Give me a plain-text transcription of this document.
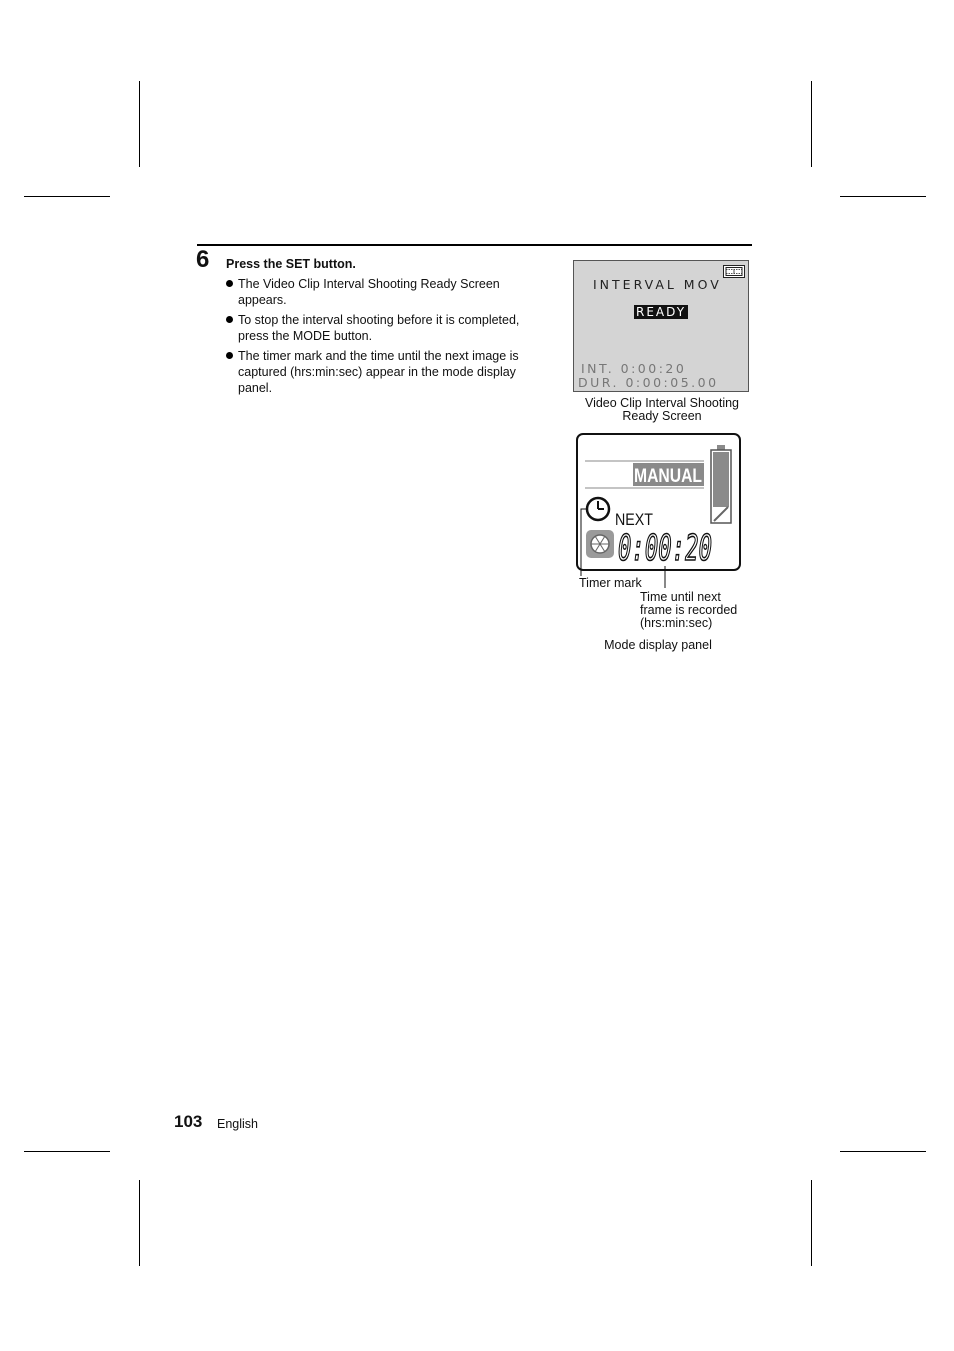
6 Press the SET button.
The Video Clip Interval Shooting Ready Screen appears.
To stop the interval shooting before it is completed, press the MODE button.
The timer mark and the time until the next image is captured (hrs:min:sec) appear in the mode display panel.
INTERVAL MOV
READY
INT. 0:00:20
DUR. 0:00:05.00
Video Clip Interval Shooting Ready Screen
MANUAL
NEXT
0:00:20
Timer mark
Time until next frame is recorded (hrs:min:sec)
Mode display panel
103 English
